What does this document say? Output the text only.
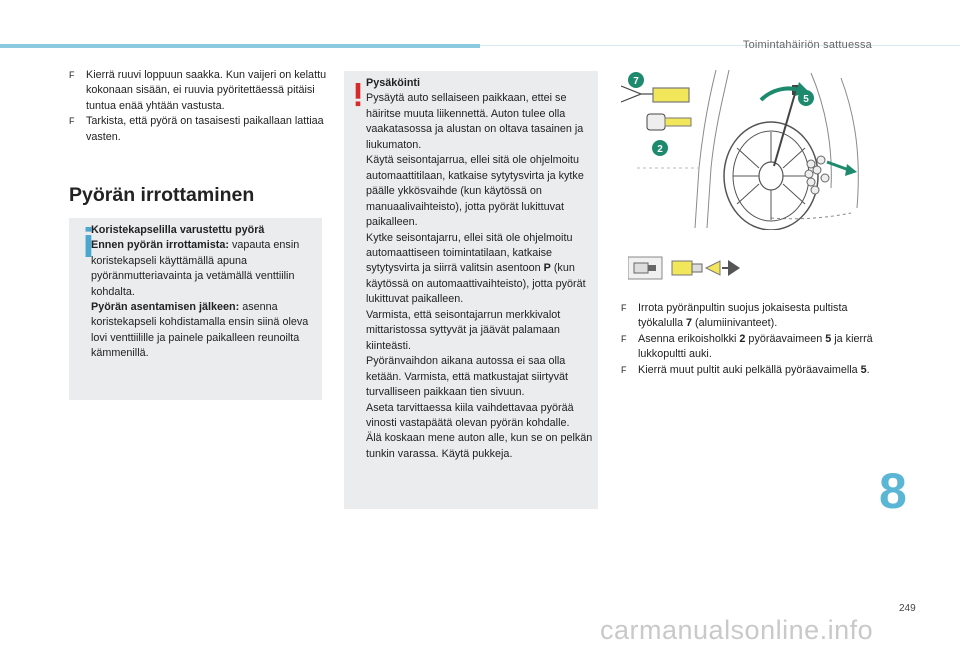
Toimintahäiriön sattuessa
F Kierrä ruuvi loppuun saakka. Kun vaijeri on kelattu kokonaan sisään, ei ruuvia pyöritettäessä pitäisi tuntua enää yhtään vastusta.
F Tarkista, että pyörä on tasaisesti paikallaan lattiaa vasten.
Pyörän irrottaminen
Koristekapselilla varustettu pyörä
Ennen pyörän irrottamista: vapauta ensin koristekapseli käyttämällä apuna pyöränmutteriavainta ja vetämällä venttiilin kohdalta.
Pyörän asentamisen jälkeen: asenna koristekapseli kohdistamalla ensin siinä oleva lovi venttiilille ja painele paikalleen reunoilta kämmenillä.
Pysäköinti
Pysäytä auto sellaiseen paikkaan, ettei se häiritse muuta liikennettä. Auton tulee olla vaakatasossa ja alustan on oltava tasainen ja liukumaton.
Käytä seisontajarrua, ellei sitä ole ohjelmoitu automaattitilaan, katkaise sytytysvirta ja kytke päälle ykkösvaihde (kun käytössä on manuaalivaihteisto), jotta pyörät lukittuvat paikalleen.
Kytke seisontajarru, ellei sitä ole ohjelmoitu automaattiseen toimintatilaan, katkaise sytytysvirta ja siirrä valitsin asentoon P (kun käytössä on automaattivaihteisto), jotta pyörät lukittuvat paikalleen.
Varmista, että seisontajarrun merkkivalot mittaristossa syttyvät ja jäävät palamaan kiinteästi.
Pyöränvaihdon aikana autossa ei saa olla ketään. Varmista, että matkustajat siirtyvät turvalliseen paikkaan tien sivuun.
Aseta tarvittaessa kiila vaihdettavaa pyörää vinosti vastapäätä olevan pyörän kohdalle.
Älä koskaan mene auton alle, kun se on pelkän tunkin varassa. Käytä pukkeja.
7
5
2
F Irrota pyöränpultin suojus jokaisesta pultista työkalulla 7 (alumiinivanteet).
F Asenna erikoisholkki 2 pyöräavaimeen 5 ja kierrä lukkopultti auki.
F Kierrä muut pultit auki pelkällä pyöräavaimella 5.
8
249
carmanualsonline.info
